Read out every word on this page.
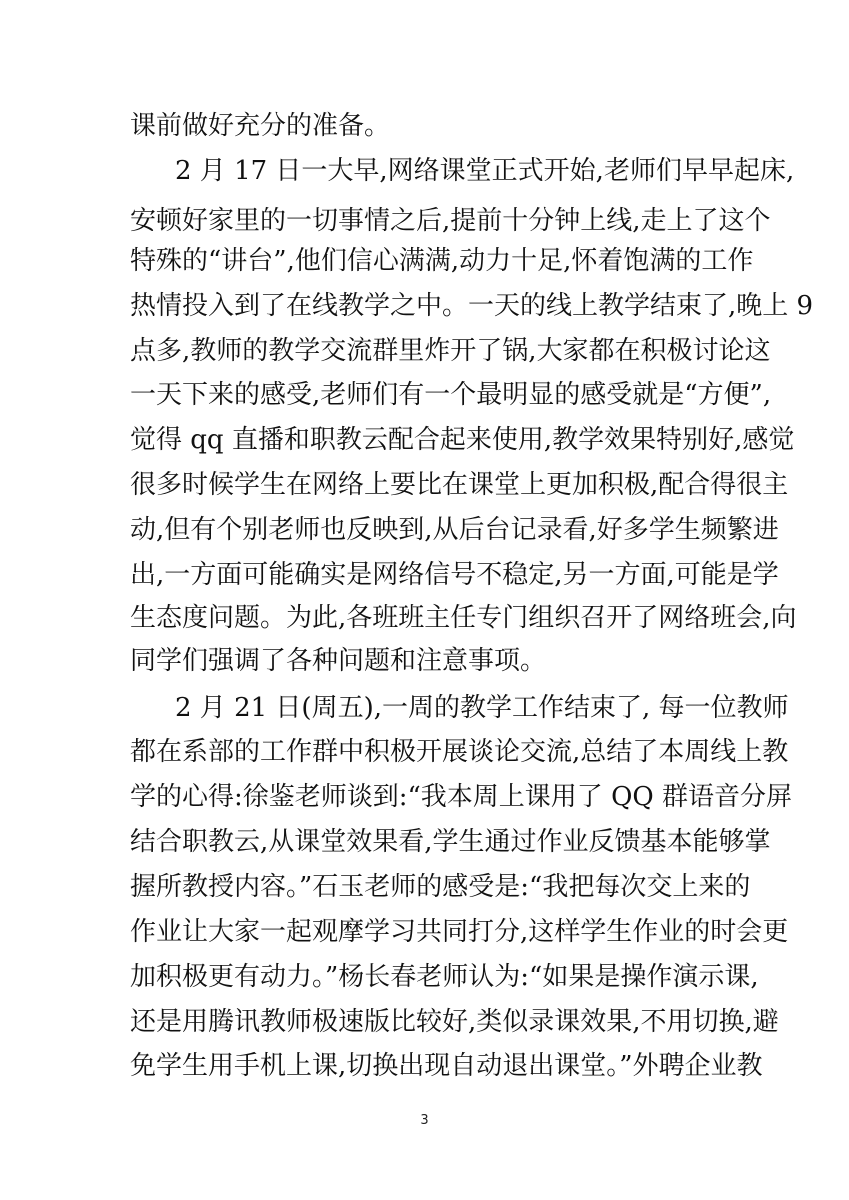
课前做好充分的准备。
2 月 17 日一大早,网络课堂正式开始,老师们早早起床,
安顿好家里的一切事情之后,提前十分钟上线,走上了这个
特殊的“讲台”,他们信心满满,动力十足,怀着饱满的工作
热情投入到了在线教学之中。一天的线上教学结束了,晚上 9
点多,教师的教学交流群里炸开了锅,大家都在积极讨论这
一天下来的感受,老师们有一个最明显的感受就是“方便”,
觉得 qq 直播和职教云配合起来使用,教学效果特别好,感觉
很多时候学生在网络上要比在课堂上更加积极,配合得很主
动,但有个别老师也反映到,从后台记录看,好多学生频繁进
出,一方面可能确实是网络信号不稳定,另一方面,可能是学
生态度问题。为此,各班班主任专门组织召开了网络班会,向
同学们强调了各种问题和注意事项。
2 月 21 日(周五),一周的教学工作结束了, 每一位教师
都在系部的工作群中积极开展谈论交流,总结了本周线上教
学的心得:徐鉴老师谈到:“我本周上课用了 QQ 群语音分屏
结合职教云,从课堂效果看,学生通过作业反馈基本能够掌
握所教授内容。”石玉老师的感受是:“我把每次交上来的
作业让大家一起观摩学习共同打分,这样学生作业的时会更
加积极更有动力。”杨长春老师认为:“如果是操作演示课,
还是用腾讯教师极速版比较好,类似录课效果,不用切换,避
免学生用手机上课,切换出现自动退出课堂。”外聘企业教
3
